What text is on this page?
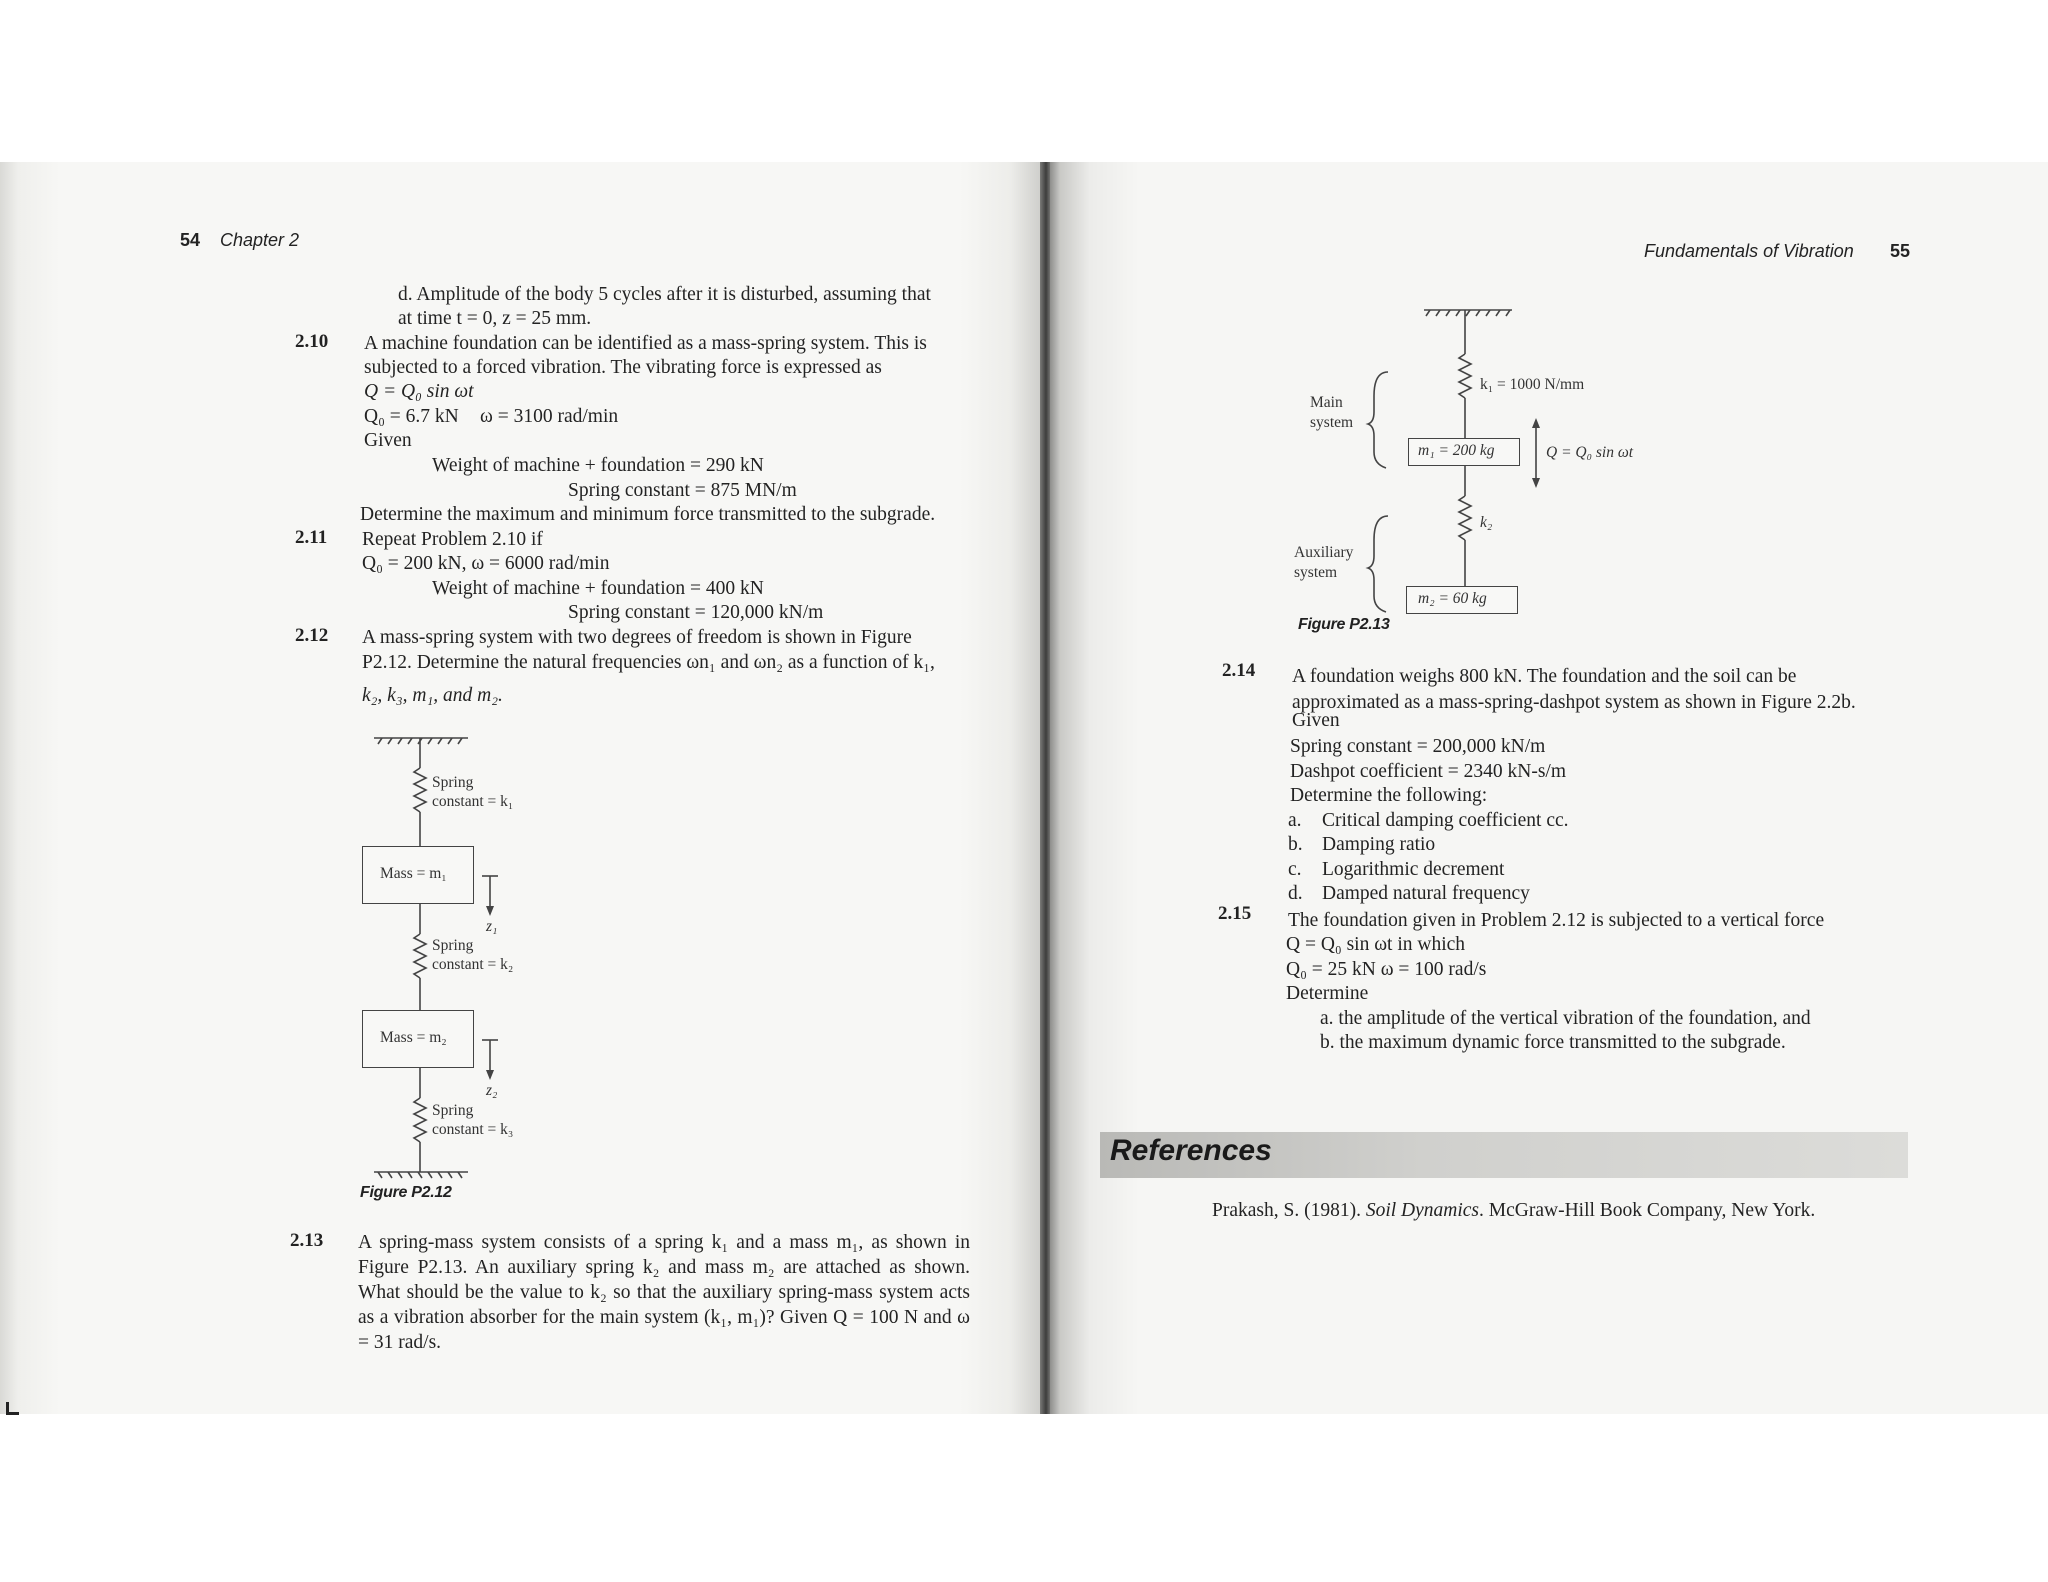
54 Chapter 2
d. Amplitude of the body 5 cycles after it is disturbed, assuming that
at time t = 0, z = 25 mm.
2.10 A machine foundation can be identified as a mass-spring system. This is
subjected to a forced vibration. The vibrating force is expressed as
Q = Q₀ sin ωt
Q₀ = 6.7 kN ω = 3100 rad/min
Given
Weight of machine + foundation = 290 kN
Spring constant = 875 MN/m
Determine the maximum and minimum force transmitted to the subgrade.
2.11 Repeat Problem 2.10 if
Q₀ = 200 kN, ω = 6000 rad/min
Weight of machine + foundation = 400 kN
Spring constant = 120,000 kN/m
2.12 A mass-spring system with two degrees of freedom is shown in Figure
P2.12. Determine the natural frequencies ωn₁ and ωn₂ as a function of k₁,
k₂, k₃, m₁, and m₂.
Mass = m₁
Mass = m₂
Spring
constant = k₁
z₁
Spring
constant = k₂
z₂
Spring
constant = k₃
Figure P2.12
2.13 A spring-mass system consists of a spring k₁ and a mass m₁, as shown in Figure P2.13. An auxiliary spring k₂ and mass m₂ are attached as shown. What should be the value to k₂ so that the auxiliary spring-mass system acts as a vibration absorber for the main system (k₁, m₁)? Given Q = 100 N and ω = 31 rad/s.
Fundamentals of Vibration 55
m₁ = 200 kg
m₂ = 60 kg
k₁ = 1000 N/mm
k₂
Q = Q₀ sin ωt
Main
system
Auxiliary
system
Figure P2.13
2.14 A foundation weighs 800 kN. The foundation and the soil can be
approximated as a mass-spring-dashpot system as shown in Figure 2.2b.
Given
Spring constant = 200,000 kN/m
Dashpot coefficient = 2340 kN-s/m
Determine the following:
a. Critical damping coefficient cc.
b. Damping ratio
c. Logarithmic decrement
d. Damped natural frequency
2.15 The foundation given in Problem 2.12 is subjected to a vertical force
Q = Q₀ sin ωt in which
Q₀ = 25 kN ω = 100 rad/s
Determine
a. the amplitude of the vertical vibration of the foundation, and
b. the maximum dynamic force transmitted to the subgrade.
References
Prakash, S. (1981). Soil Dynamics. McGraw-Hill Book Company, New York.
